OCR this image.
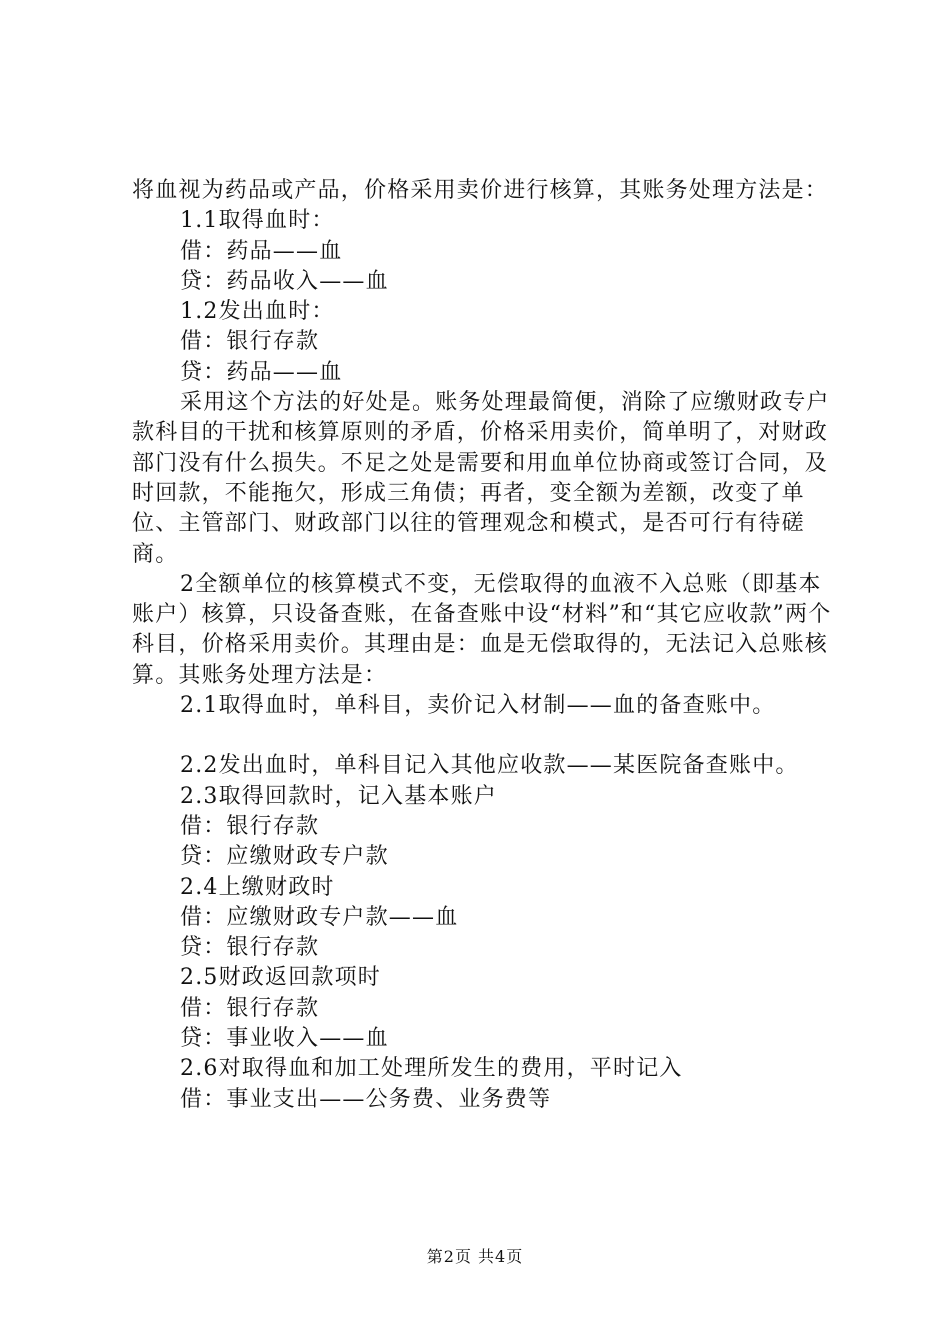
将血视为药品或产品，价格采用卖价进行核算，其账务处理方法是：

1.1取得血时：

借：药品——血

贷：药品收入——血

1.2发出血时：

借：银行存款

贷：药品——血

采用这个方法的好处是。账务处理最简便，消除了应缴财政专户款科目的干扰和核算原则的矛盾，价格采用卖价，简单明了，对财政部门没有什么损失。不足之处是需要和用血单位协商或签订合同，及时回款，不能拖欠，形成三角债；再者，变全额为差额，改变了单位、主管部门、财政部门以往的管理观念和模式，是否可行有待磋商。

2全额单位的核算模式不变，无偿取得的血液不入总账（即基本账户）核算，只设备查账，在备查账中设“材料”和“其它应收款”两个科目，价格采用卖价。其理由是：血是无偿取得的，无法记入总账核算。其账务处理方法是：

2.1取得血时，单科目，卖价记入材制——血的备查账中。

2.2发出血时，单科目记入其他应收款——某医院备查账中。

2.3取得回款时，记入基本账户

借：银行存款

贷：应缴财政专户款

2.4上缴财政时

借：应缴财政专户款——血

贷：银行存款

2.5财政返回款项时

借：银行存款

贷：事业收入——血

2.6对取得血和加工处理所发生的费用，平时记入

借：事业支出——公务费、业务费等

第2页 共4页
